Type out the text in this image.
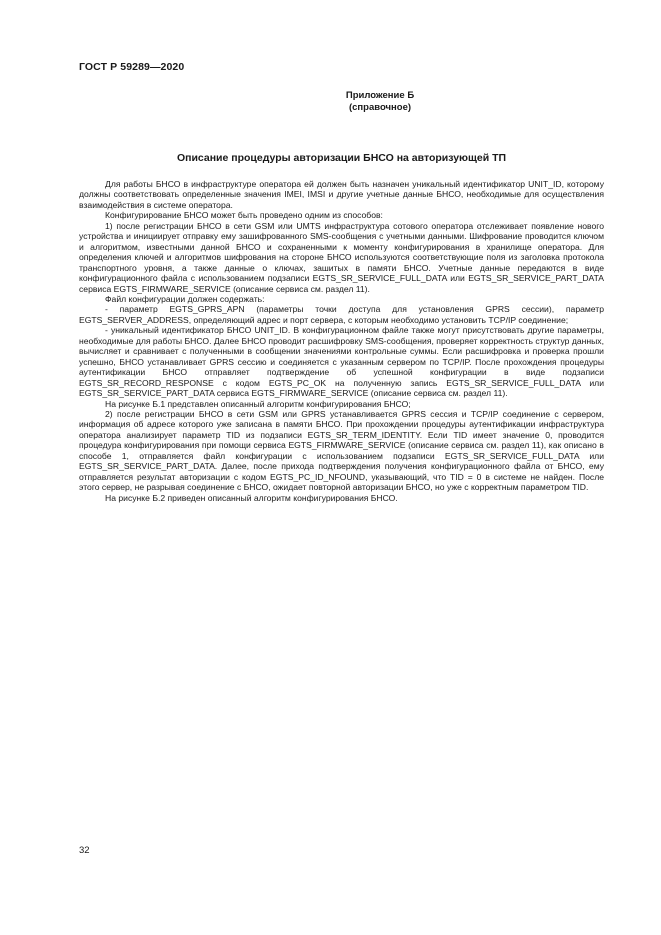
ГОСТ Р 59289—2020
Приложение Б
(справочное)
Описание процедуры авторизации БНСО на авторизующей ТП

Для работы БНСО в инфраструктуре оператора ей должен быть назначен уникальный идентификатор UNIT_ID, которому должны соответствовать определенные значения IMEI, IMSI и другие учетные данные БНСО, необходимые для осуществления взаимодействия в системе оператора.

Конфигурирование БНСО может быть проведено одним из способов:

1) после регистрации БНСО в сети GSM или UMTS инфраструктура сотового оператора отслеживает появление нового устройства и инициирует отправку ему зашифрованного SMS-сообщения с учетными данными. Шифрование проводится ключом и алгоритмом, известными данной БНСО и сохраненными к моменту конфигурирования в хранилище оператора. Для определения ключей и алгоритмов шифрования на стороне БНСО используются соответствующие поля из заголовка протокола транспортного уровня, а также данные о ключах, зашитых в памяти БНСО. Учетные данные передаются в виде конфигурационного файла с использованием подзаписи EGTS_SR_SERVICE_FULL_DATA или EGTS_SR_SERVICE_PART_DATA сервиса EGTS_FIRMWARE_SERVICE (описание сервиса см. раздел 11).

Файл конфигурации должен содержать:

- параметр EGTS_GPRS_APN (параметры точки доступа для установления GPRS сессии), параметр EGTS_SERVER_ADDRESS, определяющий адрес и порт сервера, с которым необходимо установить TCP/IP соединение;

- уникальный идентификатор БНСО UNIT_ID. В конфигурационном файле также могут присутствовать другие параметры, необходимые для работы БНСО. Далее БНСО проводит расшифровку SMS-сообщения, проверяет корректность структур данных, вычисляет и сравнивает с полученными в сообщении значениями контрольные суммы. Если расшифровка и проверка прошли успешно, БНСО устанавливает GPRS сессию и соединяется с указанным сервером по TCP/IP. После прохождения процедуры аутентификации БНСО отправляет подтверждение об успешной конфигурации в виде подзаписи EGTS_SR_RECORD_RESPONSE с кодом EGTS_PC_OK на полученную запись EGTS_SR_SERVICE_FULL_DATA или EGTS_SR_SERVICE_PART_DATA сервиса EGTS_FIRMWARE_SERVICE (описание сервиса см. раздел 11).

На рисунке Б.1 представлен описанный алгоритм конфигурирования БНСО;

2) после регистрации БНСО в сети GSM или GPRS устанавливается GPRS сессия и TCP/IP соединение с сервером, информация об адресе которого уже записана в памяти БНСО. При прохождении процедуры аутентификации инфраструктура оператора анализирует параметр TID из подзаписи EGTS_SR_TERM_IDENTITY. Если TID имеет значение 0, проводится процедура конфигурирования при помощи сервиса EGTS_FIRMWARE_SERVICE (описание сервиса см. раздел 11), как описано в способе 1, отправляется файл конфигурации с использованием подзаписи EGTS_SR_SERVICE_FULL_DATA или EGTS_SR_SERVICE_PART_DATA. Далее, после прихода подтверждения получения конфигурационного файла от БНСО, ему отправляется результат авторизации с кодом EGTS_PC_ID_NFOUND, указывающий, что TID = 0 в системе не найден. После этого сервер, не разрывая соединение с БНСО, ожидает повторной авторизации БНСО, но уже с корректным параметром TID.

На рисунке Б.2 приведен описанный алгоритм конфигурирования БНСО.

32
